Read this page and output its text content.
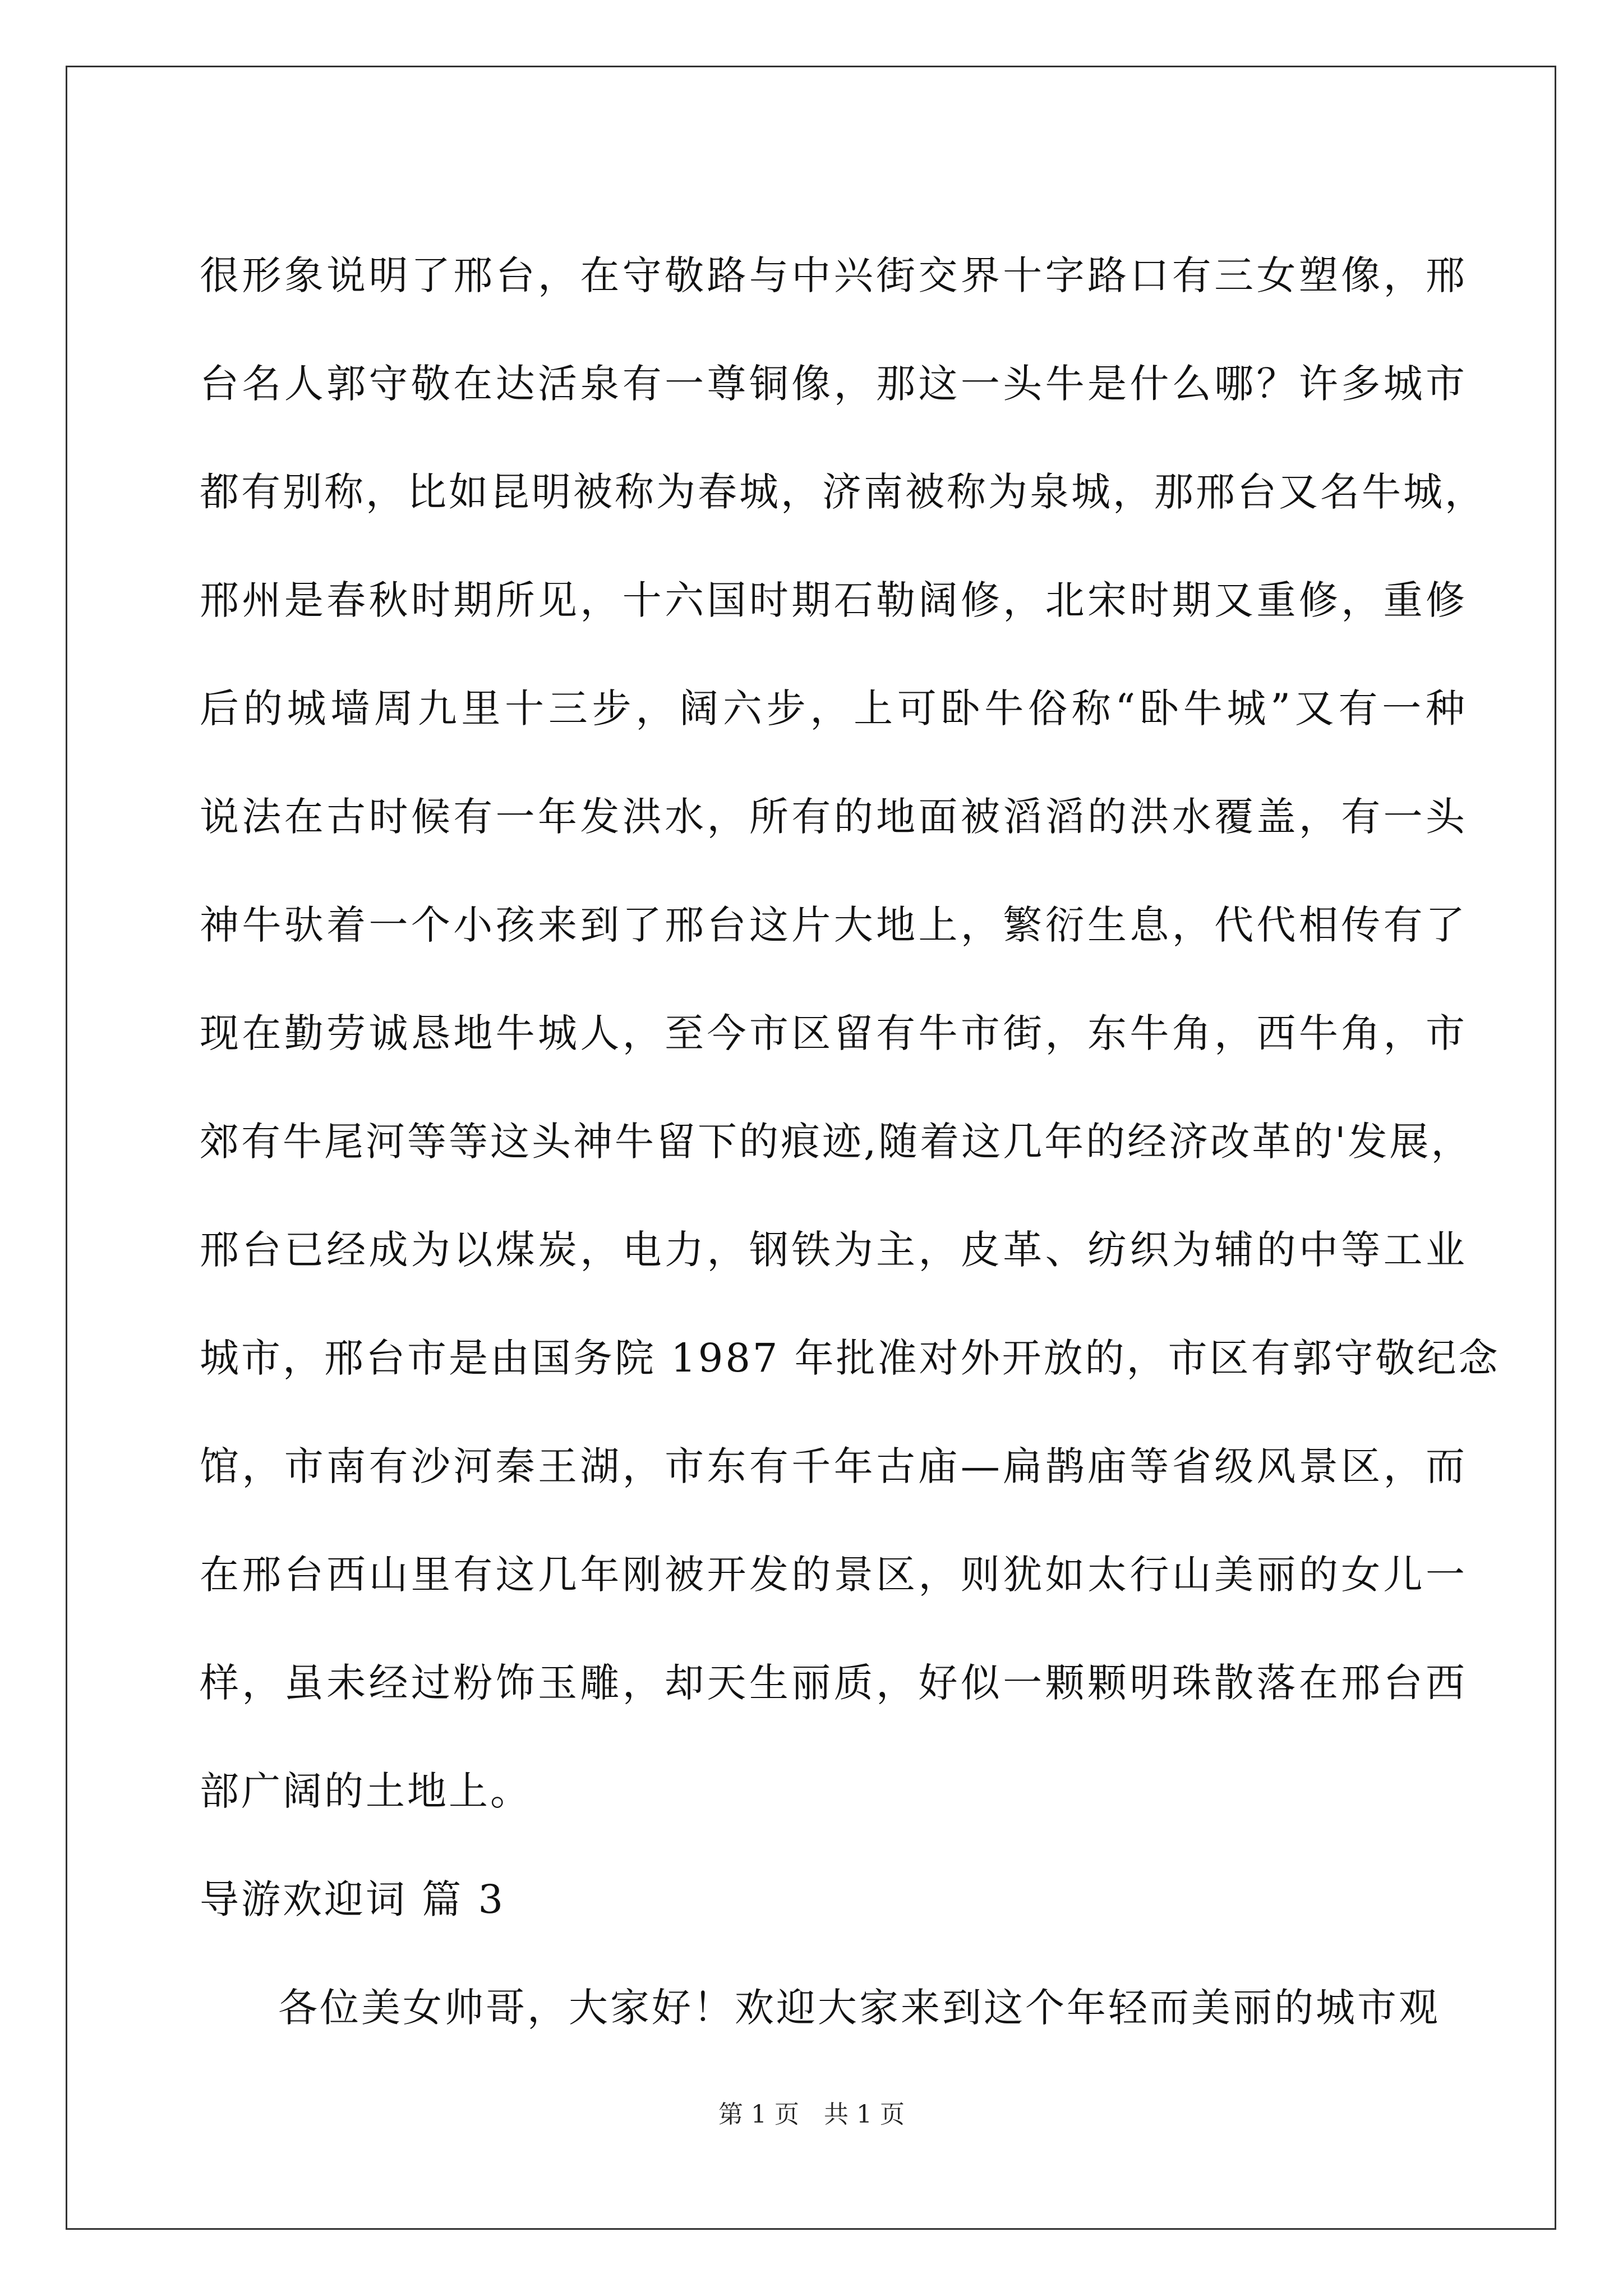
很形象说明了邢台，在守敬路与中兴街交界十字路口有三女塑像，邢
台名人郭守敬在达活泉有一尊铜像，那这一头牛是什么哪？许多城市
都有别称，比如昆明被称为春城，济南被称为泉城，那邢台又名牛城，
邢州是春秋时期所见，十六国时期石勒阔修，北宋时期又重修，重修
后的城墙周九里十三步，阔六步，上可卧牛俗称“卧牛城”又有一种
说法在古时候有一年发洪水，所有的地面被滔滔的洪水覆盖，有一头
神牛驮着一个小孩来到了邢台这片大地上，繁衍生息，代代相传有了
现在勤劳诚恳地牛城人，至今市区留有牛市街，东牛角，西牛角，市
郊有牛尾河等等这头神牛留下的痕迹,随着这几年的经济改革的'发展，
邢台已经成为以煤炭，电力，钢铁为主，皮革、纺织为辅的中等工业
城市，邢台市是由国务院 1987 年批准对外开放的，市区有郭守敬纪念
馆，市南有沙河秦王湖，市东有千年古庙—扁鹊庙等省级风景区，而
在邢台西山里有这几年刚被开发的景区，则犹如太行山美丽的女儿一
样，虽未经过粉饰玉雕，却天生丽质，好似一颗颗明珠散落在邢台西
部广阔的土地上。
导游欢迎词 篇 3
各位美女帅哥，大家好！欢迎大家来到这个年轻而美丽的城市观
第 1 页　共 1 页
